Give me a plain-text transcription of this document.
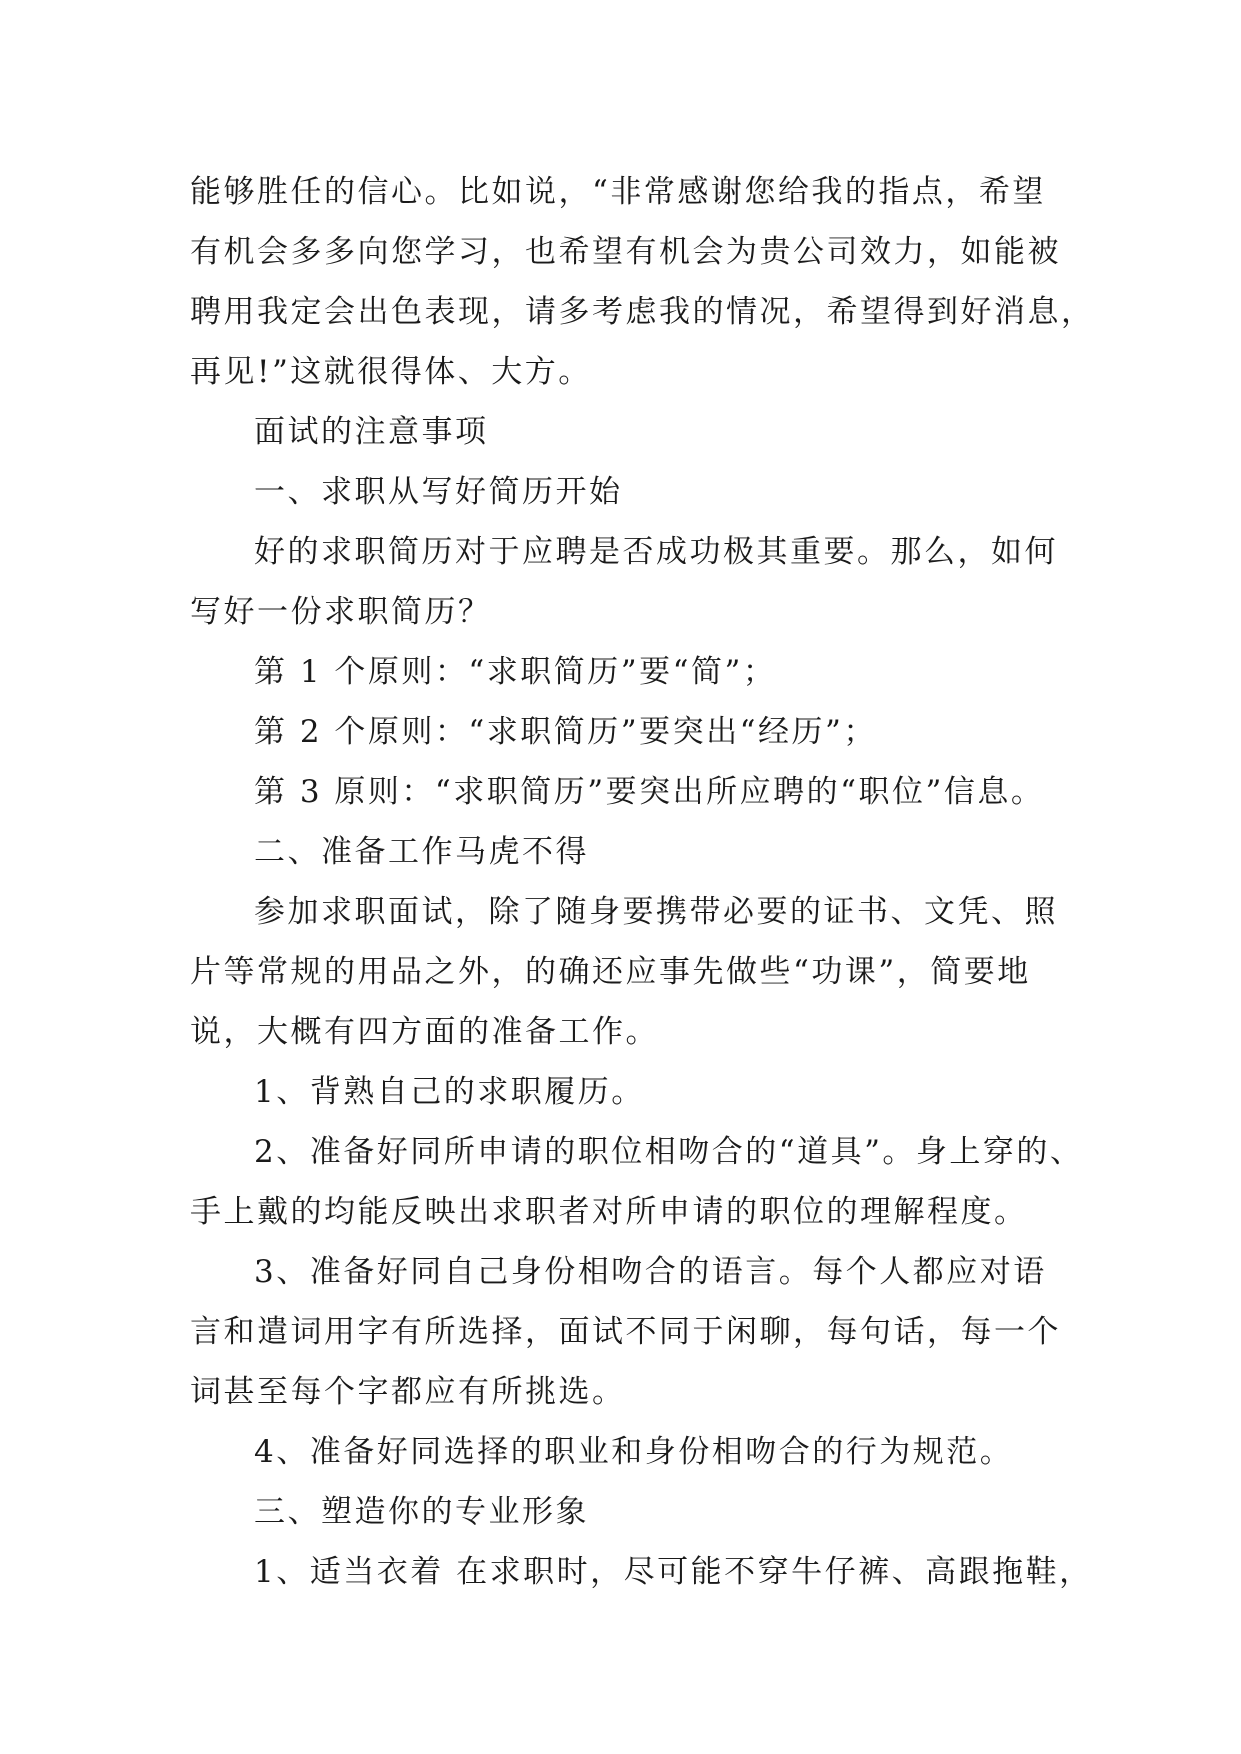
能够胜任的信心。比如说，“非常感谢您给我的指点，希望
有机会多多向您学习，也希望有机会为贵公司效力，如能被
聘用我定会出色表现，请多考虑我的情况，希望得到好消息，
再见!”这就很得体、大方。
面试的注意事项
一、求职从写好简历开始
好的求职简历对于应聘是否成功极其重要。那么，如何
写好一份求职简历？
第 1 个原则：“求职简历”要“简”；
第 2 个原则：“求职简历”要突出“经历”；
第 3 原则：“求职简历”要突出所应聘的“职位”信息。
二、准备工作马虎不得
参加求职面试，除了随身要携带必要的证书、文凭、照
片等常规的用品之外，的确还应事先做些“功课”，简要地
说，大概有四方面的准备工作。
1、背熟自己的求职履历。
2、准备好同所申请的职位相吻合的“道具”。身上穿的、
手上戴的均能反映出求职者对所申请的职位的理解程度。
3、准备好同自己身份相吻合的语言。每个人都应对语
言和遣词用字有所选择，面试不同于闲聊，每句话，每一个
词甚至每个字都应有所挑选。
4、准备好同选择的职业和身份相吻合的行为规范。
三、塑造你的专业形象
1、适当衣着 在求职时，尽可能不穿牛仔裤、高跟拖鞋，
